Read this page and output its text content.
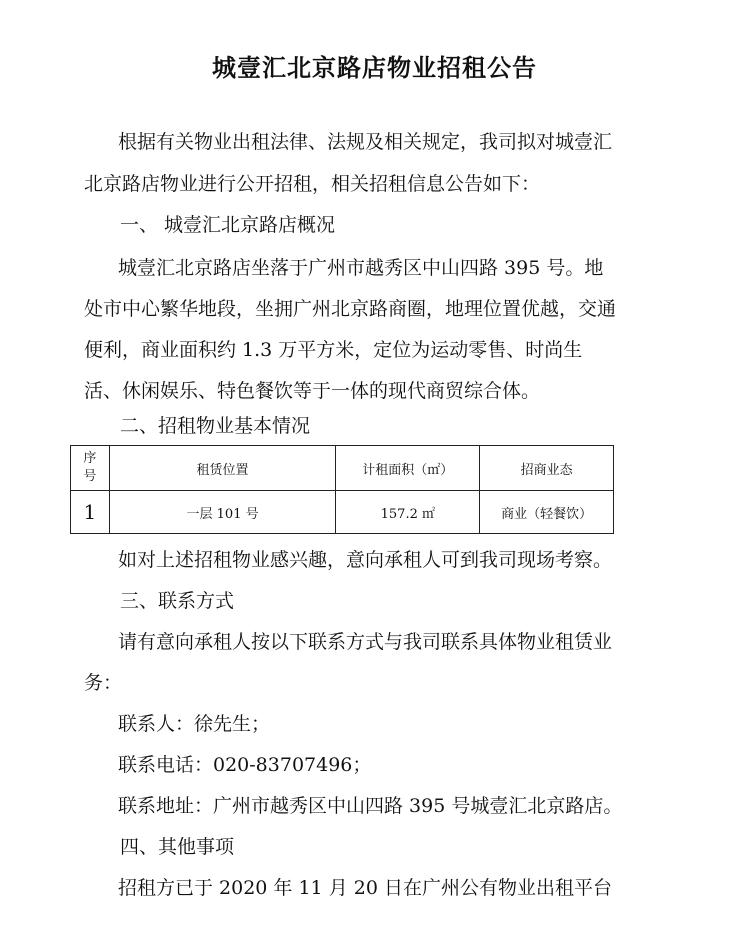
城壹汇北京路店物业招租公告
根据有关物业出租法律、法规及相关规定，我司拟对城壹汇
北京路店物业进行公开招租，相关招租信息公告如下：
一、 城壹汇北京路店概况
城壹汇北京路店坐落于广州市越秀区中山四路 395 号。地
处市中心繁华地段，坐拥广州北京路商圈，地理位置优越，交通
便利，商业面积约 1.3 万平方米，定位为运动零售、时尚生
活、休闲娱乐、特色餐饮等于一体的现代商贸综合体。
二、招租物业基本情况
序号	租赁位置	计租面积（㎡）	招商业态
1	一层 101 号	157.2 ㎡	商业（轻餐饮）
如对上述招租物业感兴趣，意向承租人可到我司现场考察。
三、联系方式
请有意向承租人按以下联系方式与我司联系具体物业租赁业
务：
联系人：徐先生；
联系电话：020-83707496；
联系地址：广州市越秀区中山四路 395 号城壹汇北京路店。
四、其他事项
招租方已于 2020 年 11 月 20 日在广州公有物业出租平台
